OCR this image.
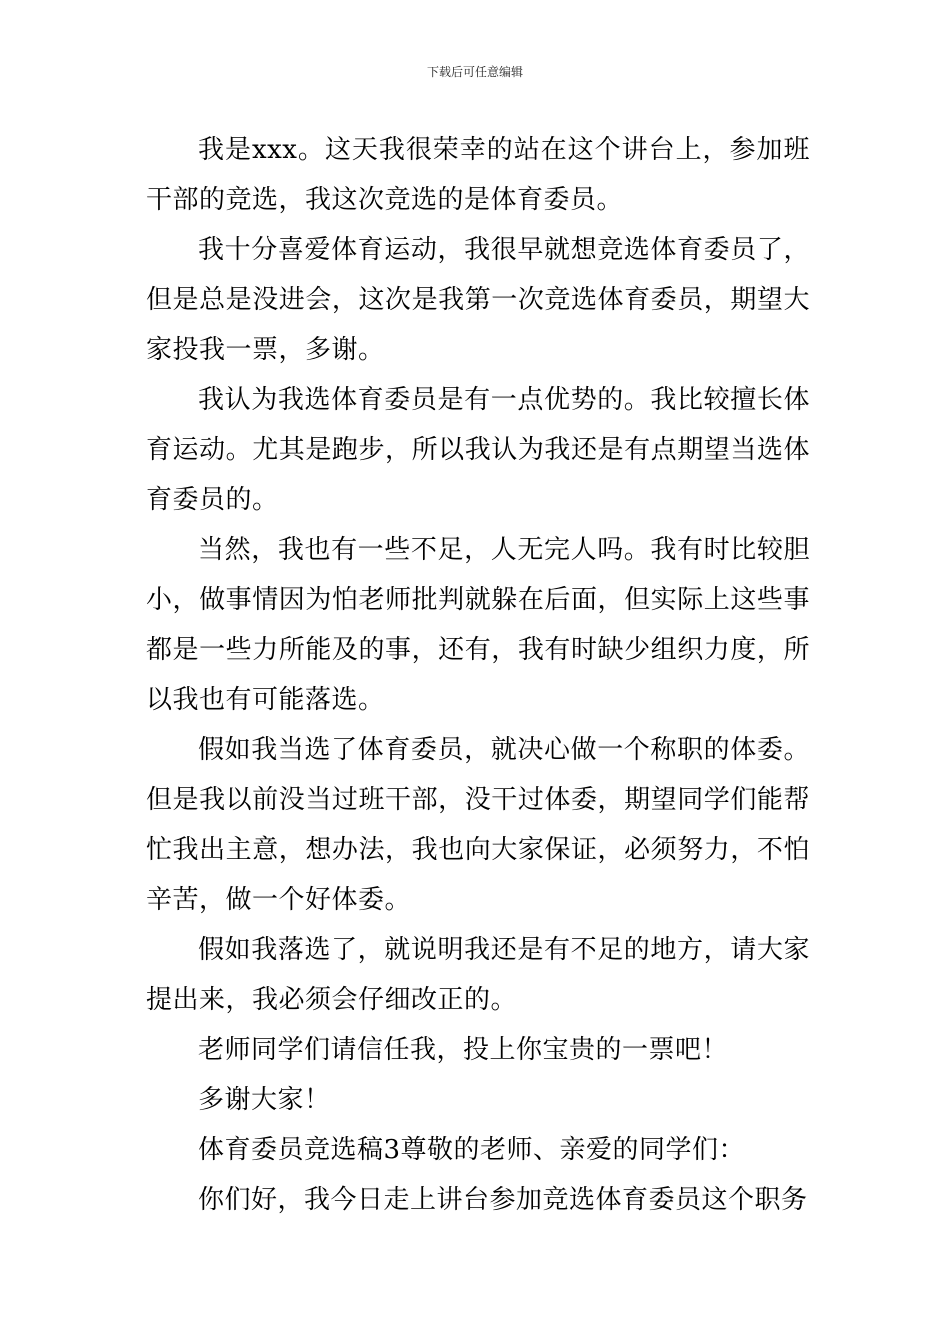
下载后可任意编辑

我是xxx。这天我很荣幸的站在这个讲台上，参加班干部的竞选，我这次竞选的是体育委员。

我十分喜爱体育运动，我很早就想竞选体育委员了，但是总是没进会，这次是我第一次竞选体育委员，期望大家投我一票，多谢。

我认为我选体育委员是有一点优势的。我比较擅长体育运动。尤其是跑步，所以我认为我还是有点期望当选体育委员的。

当然，我也有一些不足，人无完人吗。我有时比较胆小，做事情因为怕老师批判就躲在后面，但实际上这些事都是一些力所能及的事，还有，我有时缺少组织力度，所以我也有可能落选。

假如我当选了体育委员，就决心做一个称职的体委。但是我以前没当过班干部，没干过体委，期望同学们能帮忙我出主意，想办法，我也向大家保证，必须努力，不怕辛苦，做一个好体委。

假如我落选了，就说明我还是有不足的地方，请大家提出来，我必须会仔细改正的。

老师同学们请信任我，投上你宝贵的一票吧！

多谢大家！

体育委员竞选稿3尊敬的老师、亲爱的同学们：

你们好，我今日走上讲台参加竞选体育委员这个职务
